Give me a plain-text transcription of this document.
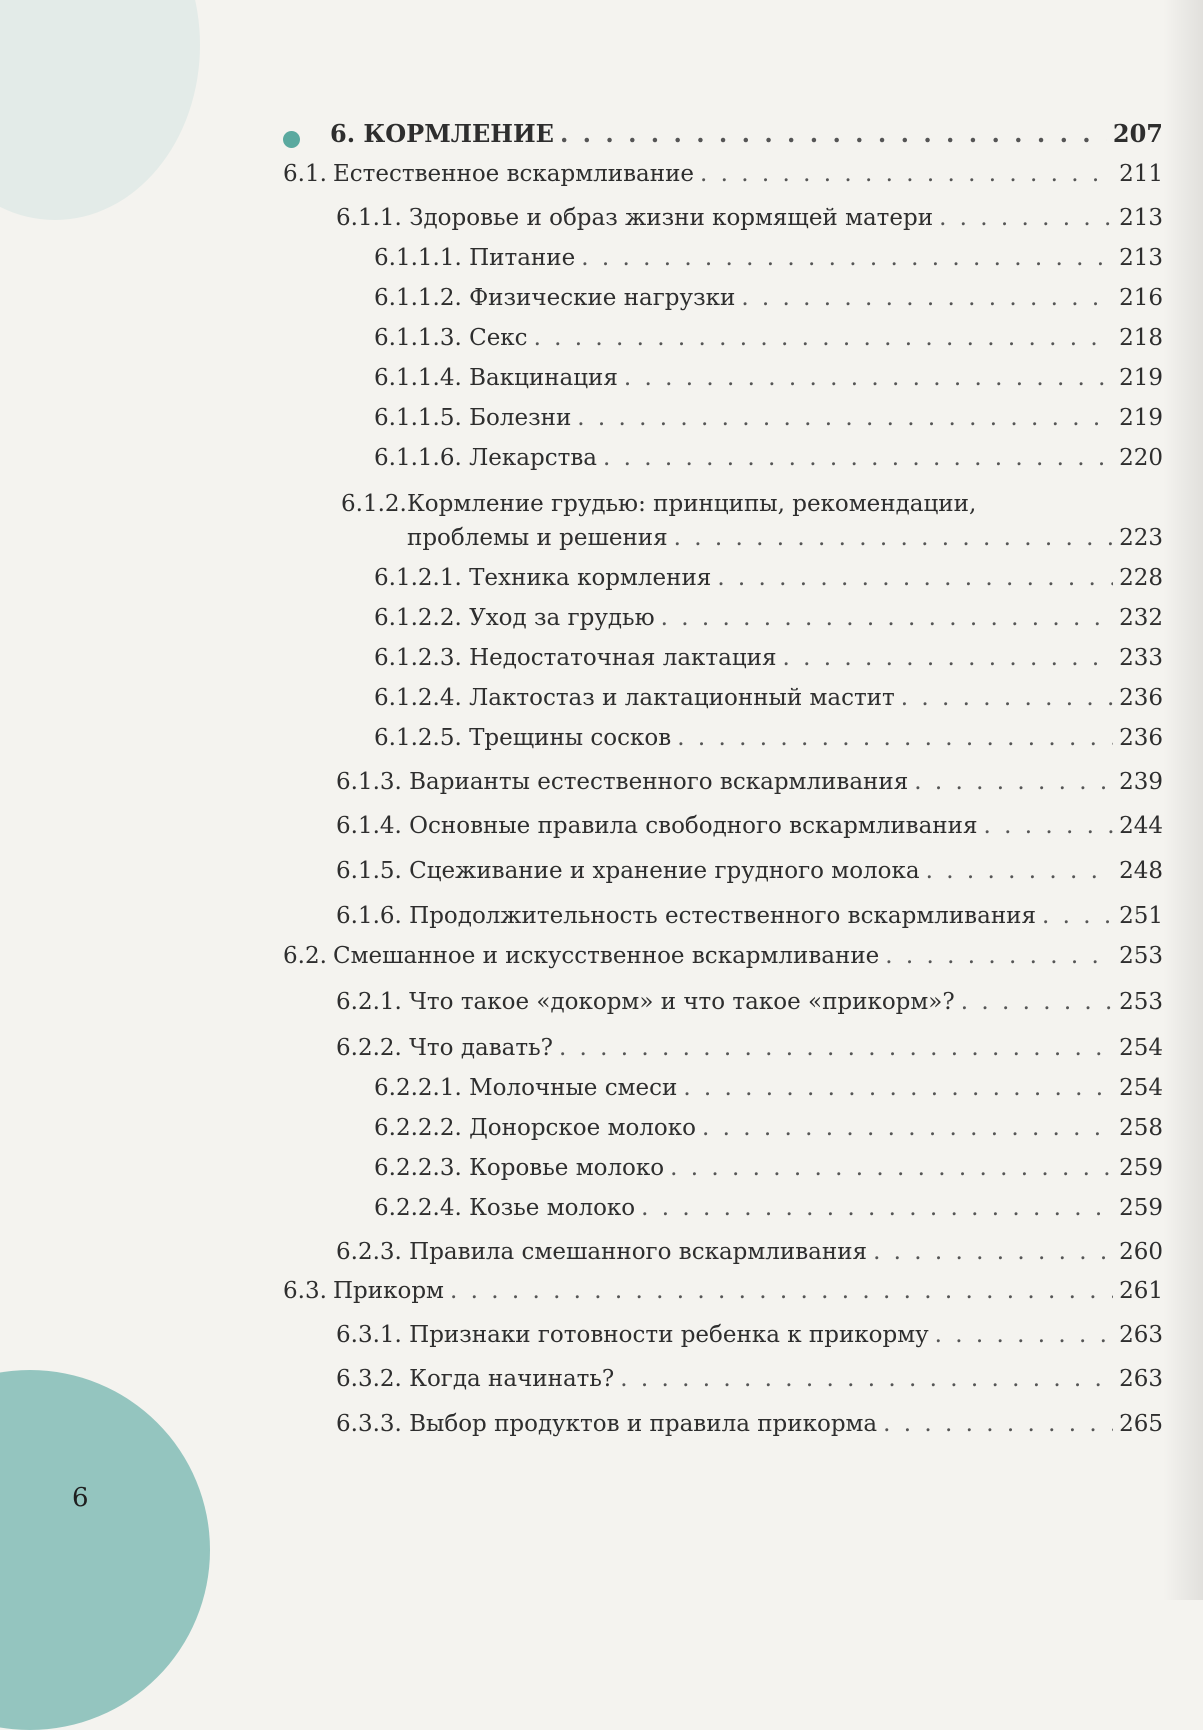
6. КОРМЛЕНИЕ . . .	207
6.1. Естественное вскармливание . . .	211
6.1.1. Здоровье и образ жизни кормящей матери . . .	213
6.1.1.1. Питание . . .	213
6.1.1.2. Физические нагрузки . . .	216
6.1.1.3. Секс . . .	218
6.1.1.4. Вакцинация . . .	219
6.1.1.5. Болезни . . .	219
6.1.1.6. Лекарства . . .	220
6.1.2.Кормление грудью: принципы, рекомендации,
проблемы и решения . . .	223
6.1.2.1. Техника кормления . . .	228
6.1.2.2. Уход за грудью . . .	232
6.1.2.3. Недостаточная лактация . . .	233
6.1.2.4. Лактостаз и лактационный мастит . . .	236
6.1.2.5. Трещины сосков . . .	236
6.1.3. Варианты естественного вскармливания . . .	239
6.1.4. Основные правила свободного вскармливания . . .	244
6.1.5. Сцеживание и хранение грудного молока . . .	248
6.1.6. Продолжительность естественного вскармливания . . .	251
6.2. Смешанное и искусственное вскармливание . . .	253
6.2.1. Что такое «докорм» и что такое «прикорм»? . . .	253
6.2.2. Что давать? . . .	254
6.2.2.1. Молочные смеси . . .	254
6.2.2.2. Донорское молоко . . .	258
6.2.2.3. Коровье молоко . . .	259
6.2.2.4. Козье молоко . . .	259
6.2.3. Правила смешанного вскармливания . . .	260
6.3. Прикорм . . .	261
6.3.1. Признаки готовности ребенка к прикорму . . .	263
6.3.2. Когда начинать? . . .	263
6.3.3. Выбор продуктов и правила прикорма . . .	265
6
